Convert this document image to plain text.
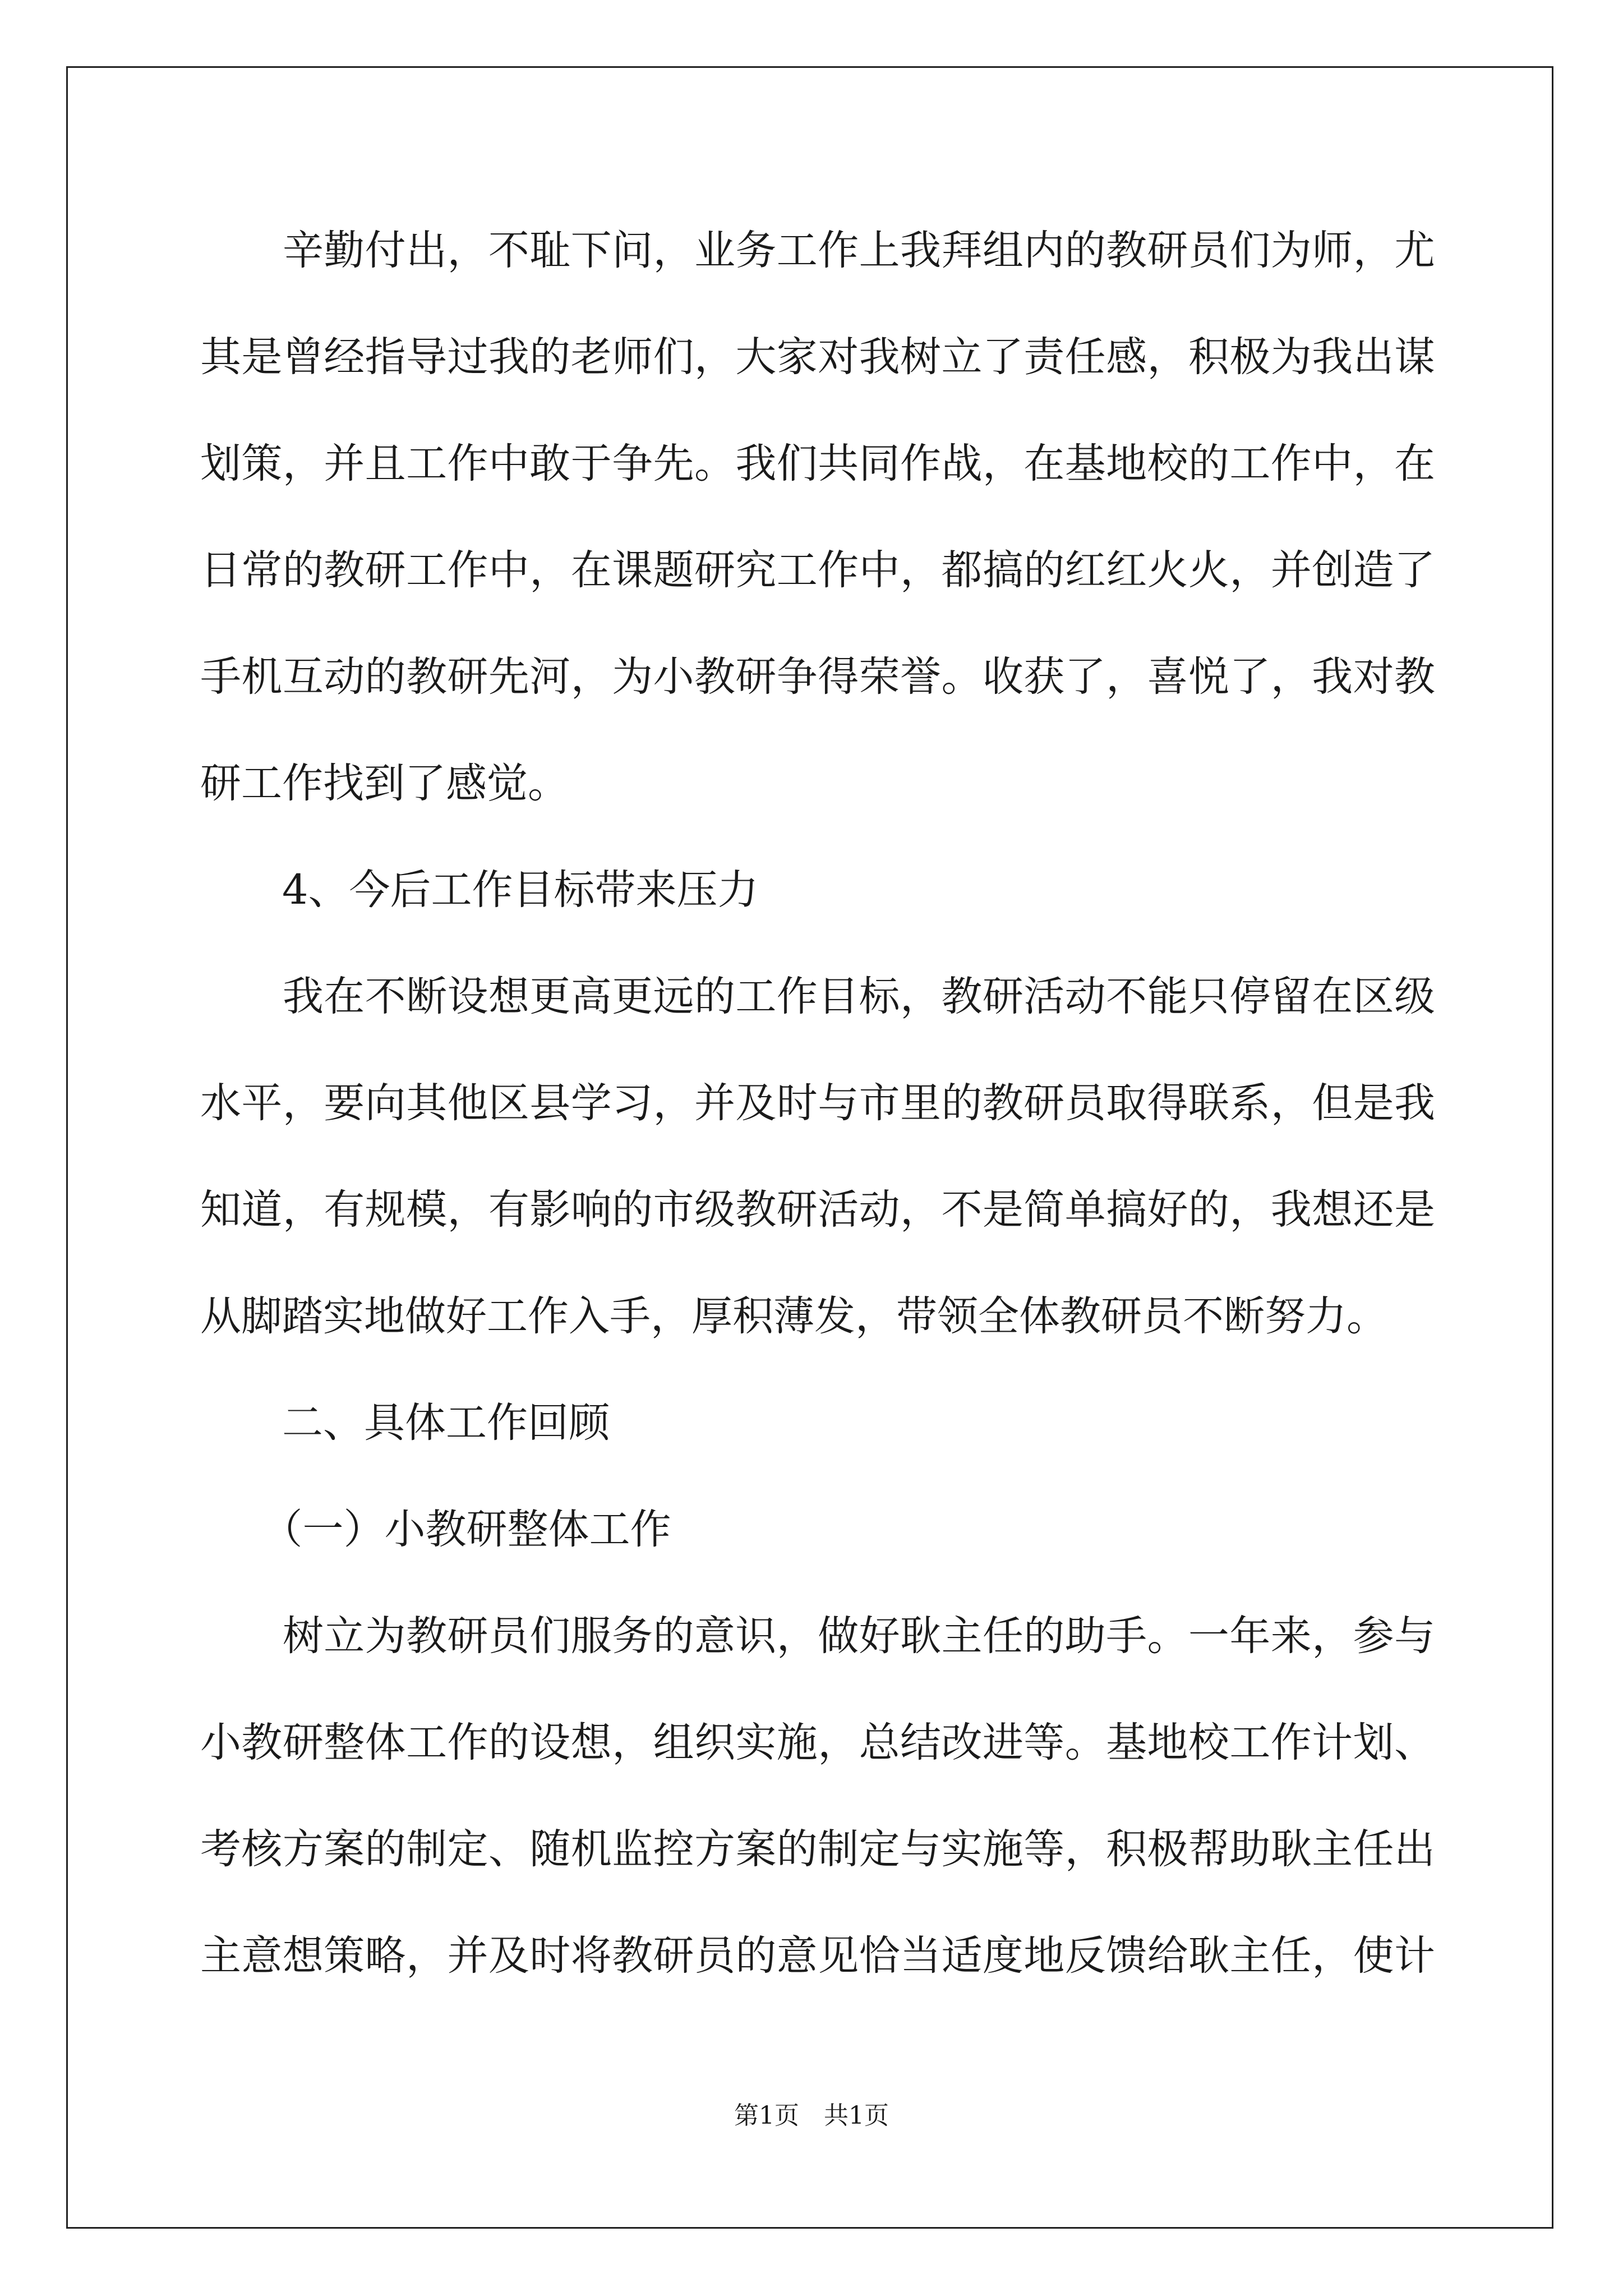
　　辛勤付出，不耻下问，业务工作上我拜组内的教研员们为师，尤
其是曾经指导过我的老师们，大家对我树立了责任感，积极为我出谋
划策，并且工作中敢于争先。我们共同作战，在基地校的工作中，在
日常的教研工作中，在课题研究工作中，都搞的红红火火，并创造了
手机互动的教研先河，为小教研争得荣誉。收获了，喜悦了，我对教
研工作找到了感觉。
　　4、今后工作目标带来压力
　　我在不断设想更高更远的工作目标，教研活动不能只停留在区级
水平，要向其他区县学习，并及时与市里的教研员取得联系，但是我
知道，有规模，有影响的市级教研活动，不是简单搞好的，我想还是
从脚踏实地做好工作入手，厚积薄发，带领全体教研员不断努力。
　　二、具体工作回顾
　　（一）小教研整体工作
　　树立为教研员们服务的意识，做好耿主任的助手。一年来，参与
小教研整体工作的设想，组织实施，总结改进等。基地校工作计划、
考核方案的制定、随机监控方案的制定与实施等，积极帮助耿主任出
主意想策略，并及时将教研员的意见恰当适度地反馈给耿主任，使计
第1页　共1页
